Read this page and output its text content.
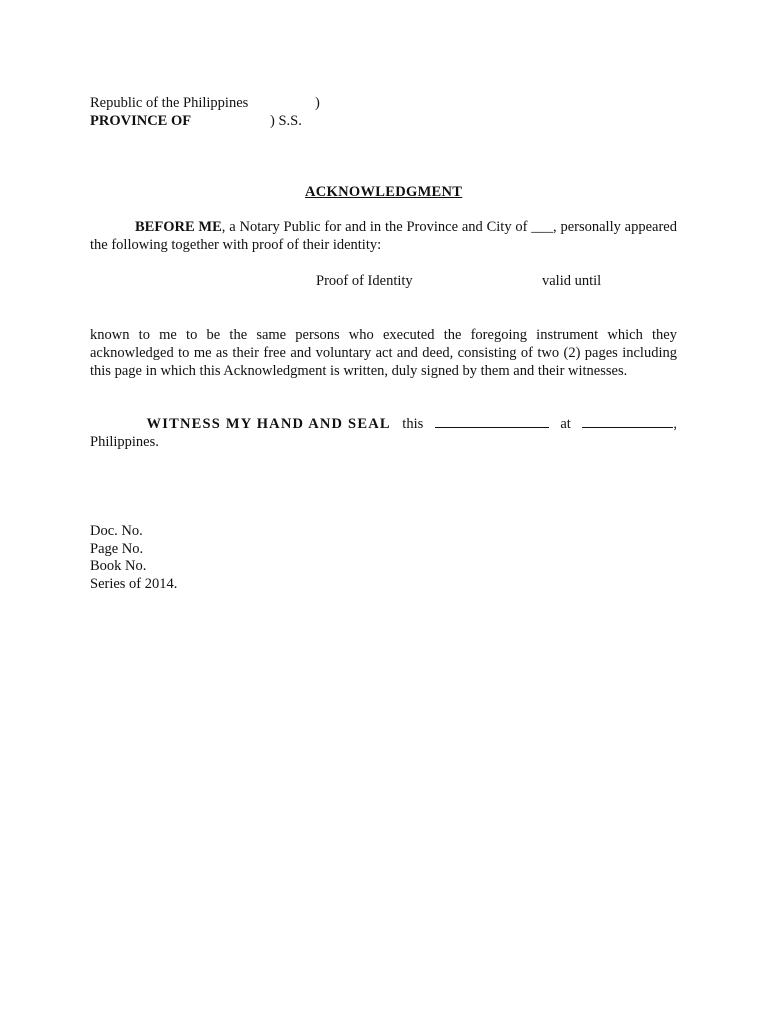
Republic of the Philippines	)
PROVINCE OF	) S.S.
ACKNOWLEDGMENT
BEFORE ME, a Notary Public for and in the Province and City of ___, personally appeared the following together with proof of their identity:
Proof of Identity	valid until
known to me to be the same persons who executed the foregoing instrument which they acknowledged to me as their free and voluntary act and deed, consisting of two (2) pages including this page in which this Acknowledgment is written, duly signed by them and their witnesses.
WITNESS MY HAND AND SEAL this	at	,
Philippines.
Doc. No.
Page No.
Book No.
Series of 2014.
